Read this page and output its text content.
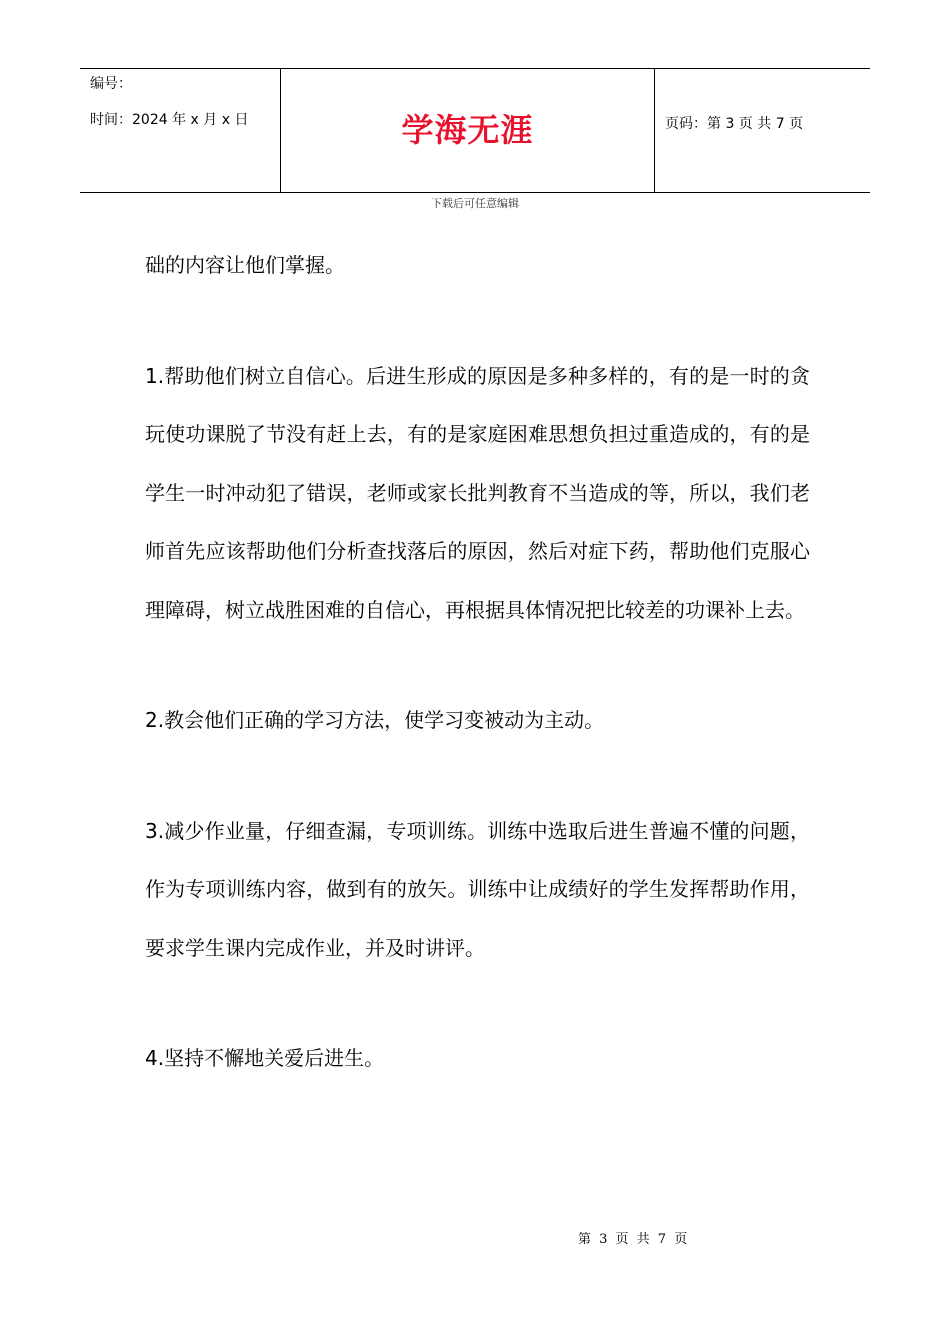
编号：
时间：2024 年 x 月 x 日	学海无涯	页码：第 3 页 共 7 页
下载后可任意编辑

础的内容让他们掌握。

1.帮助他们树立自信心。后进生形成的原因是多种多样的，有的是一时的贪玩使功课脱了节没有赶上去，有的是家庭困难思想负担过重造成的，有的是学生一时冲动犯了错误，老师或家长批判教育不当造成的等，所以，我们老师首先应该帮助他们分析查找落后的原因，然后对症下药，帮助他们克服心理障碍，树立战胜困难的自信心，再根据具体情况把比较差的功课补上去。

2.教会他们正确的学习方法，使学习变被动为主动。

3.减少作业量，仔细查漏，专项训练。训练中选取后进生普遍不懂的问题，作为专项训练内容，做到有的放矢。训练中让成绩好的学生发挥帮助作用，要求学生课内完成作业，并及时讲评。

4.坚持不懈地关爱后进生。

第 3 页 共 7 页
